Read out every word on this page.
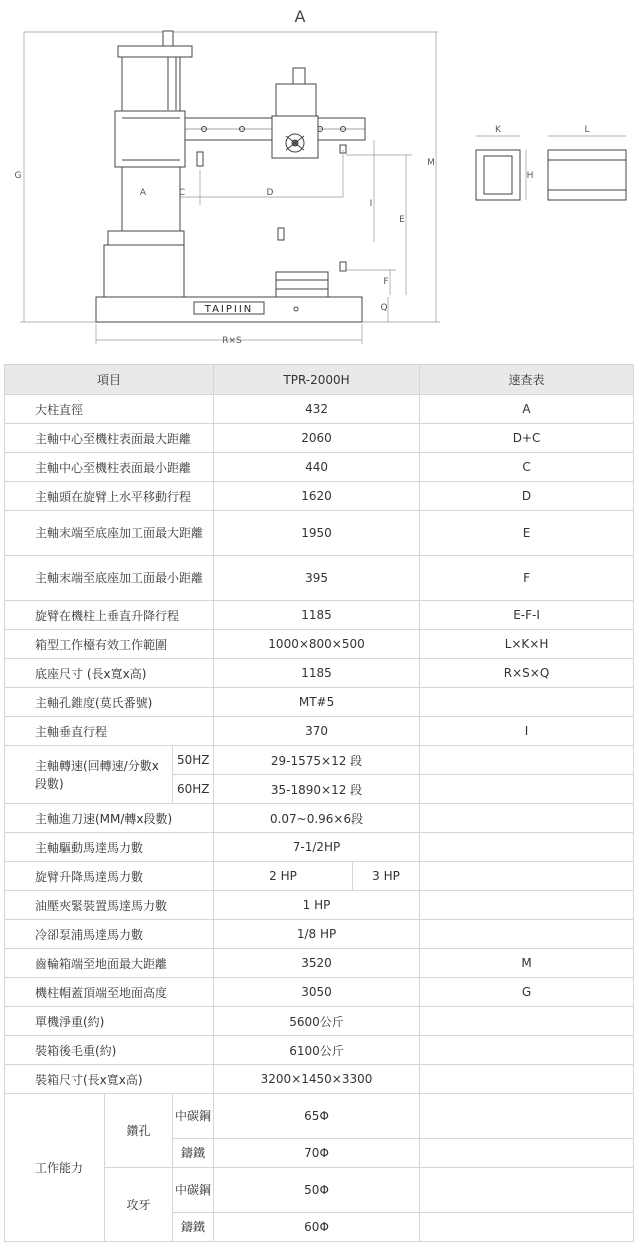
A
A	C	D
G
M
E
I
F
Q
R×S
K	L
H
TAIPIIN
項目			TPR-2000H		速查表
大柱直徑			432		A
主軸中心至機柱表面最大距離			2060		D+C
主軸中心至機柱表面最小距離			440		C
主軸頭在旋臂上水平移動行程			1620		D
主軸末端至底座加工面最大距離			1950		E
主軸末端至底座加工面最小距離			395		F
旋臂在機柱上垂直升降行程			1185		E-F-I
箱型工作檯有效工作範圍			1000×800×500		L×K×H
底座尺寸 (長x寬x高)			1185		R×S×Q
主軸孔錐度(莫氏番號)			MT#5		
主軸垂直行程			370		I
主軸轉速(回轉速/分數x段數)		50HZ	29-1575×12 段		
		60HZ	35-1890×12 段		
主軸進刀速(MM/轉x段數)			0.07~0.96×6段		
主軸驅動馬達馬力數			7-1/2HP		
旋臂升降馬達馬力數			2 HP	3 HP	
油壓夾緊裝置馬達馬力數			1 HP		
冷卻泵浦馬達馬力數			1/8 HP		
齒輪箱端至地面最大距離			3520		M
機柱帽蓋頂端至地面高度			3050		G
單機淨重(約)			5600公斤		
裝箱後毛重(約)			6100公斤		
裝箱尺寸(長x寬x高)			3200×1450×3300		
工作能力	鑽孔	中碳鋼	65Φ		
		鑄鐵	70Φ		
	攻牙	中碳鋼	50Φ		
		鑄鐵	60Φ		
